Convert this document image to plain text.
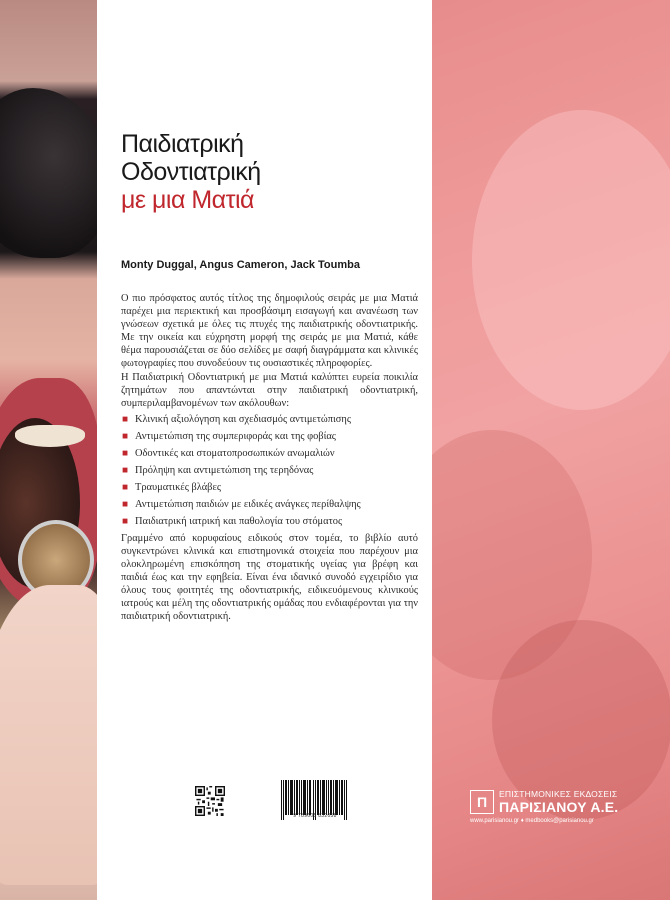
Παιδιατρική
Οδοντιατρική
με μια Ματιά
Monty Duggal, Angus Cameron, Jack Toumba

Ο πιο πρόσφατος αυτός τίτλος της δημοφιλούς σειράς με μια Ματιά παρέχει μια περιεκτική και προσβάσιμη εισαγωγή και ανανέωση των γνώσεων σχετικά με όλες τις πτυχές της παιδιατρικής οδοντιατρικής. Με την οικεία και εύχρηστη μορφή της σειράς με μια Ματιά, κάθε θέμα παρουσιάζεται σε δύο σελίδες με σαφή διαγράμματα και κλινικές φωτογραφίες που συνοδεύουν τις ουσιαστικές πληροφορίες.

Η Παιδιατρική Οδοντιατρική με μια Ματιά καλύπτει ευρεία ποικιλία ζητημάτων που απαντώνται στην παιδιατρική οδοντιατρική, συμπεριλαμβανομένων των ακόλουθων:

■ Κλινική αξιολόγηση και σχεδιασμός αντιμετώπισης
■ Αντιμετώπιση της συμπεριφοράς και της φοβίας
■ Οδοντικές και στοματοπροσωπικών ανωμαλιών
■ Πρόληψη και αντιμετώπιση της τερηδόνας
■ Τραυματικές βλάβες
■ Αντιμετώπιση παιδιών με ειδικές ανάγκες περίθαλψης
■ Παιδιατρική ιατρική και παθολογία του στόματος

Γραμμένο από κορυφαίους ειδικούς στον τομέα, το βιβλίο αυτό συγκεντρώνει κλινικά και επιστημονικά στοιχεία που παρέχουν μια ολοκληρωμένη επισκόπηση της στοματικής υγείας για βρέφη και παιδιά έως και την εφηβεία. Είναι ένα ιδανικό συνοδό εγχειρίδιο για όλους τους φοιτητές της οδοντιατρικής, ειδικευόμενους κλινικούς ιατρούς και μέλη της οδοντιατρικής ομάδας που ενδιαφέρονται για την παιδιατρική οδοντιατρική.

9 789605 832058
Π	ΕΠΙΣΤΗΜΟΝΙΚΕΣ ΕΚΔΟΣΕΙΣ
ΠΑΡΙΣΙΑΝΟΥ Α.Ε.
www.parisianou.gr ♦ medbooks@parisianou.gr
